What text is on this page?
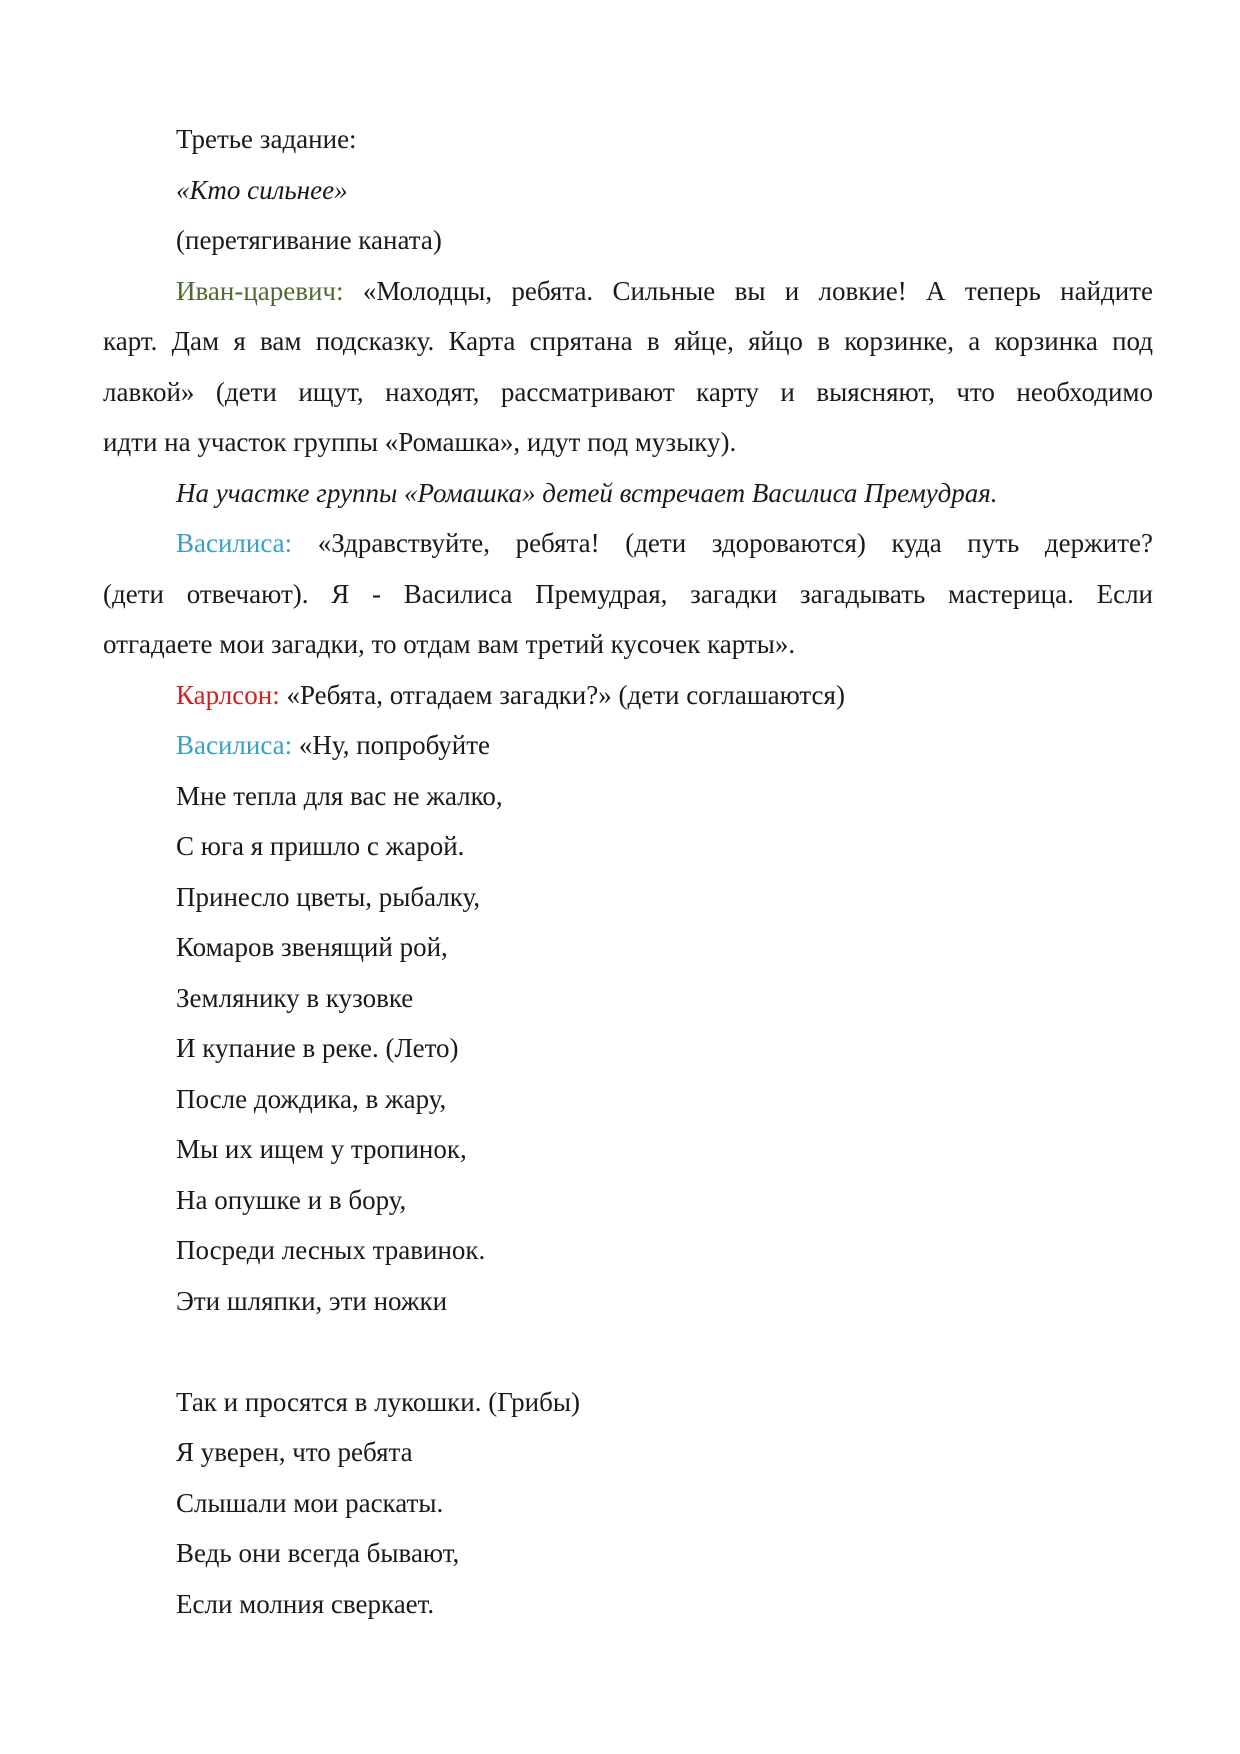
Третье задание:

«Кто сильнее»

(перетягивание каната)

Иван-царевич: «Молодцы, ребята. Сильные вы и ловкие! А теперь найдите

карт. Дам я вам подсказку. Карта спрятана в яйце, яйцо в корзинке, а корзинка под

лавкой» (дети ищут, находят, рассматривают карту и выясняют, что необходимо

идти на участок группы «Ромашка», идут под музыку).

На участке группы «Ромашка» детей встречает Василиса Премудрая.

Василиса: «Здравствуйте, ребята! (дети здороваются) куда путь держите?

(дети отвечают). Я - Василиса Премудрая, загадки загадывать мастерица. Если

отгадаете мои загадки, то отдам вам третий кусочек карты».

Карлсон: «Ребята, отгадаем загадки?» (дети соглашаются)

Василиса: «Ну, попробуйте

Мне тепла для вас не жалко,

С юга я пришло с жарой.

Принесло цветы, рыбалку,

Комаров звенящий рой,

Землянику в кузовке

И купание в реке. (Лето)

После дождика, в жару,

Мы их ищем у тропинок,

На опушке и в бору,

Посреди лесных травинок.

Эти шляпки, эти ножки

Так и просятся в лукошки. (Грибы)

Я уверен, что ребята

Слышали мои раскаты.

Ведь они всегда бывают,

Если молния сверкает.
